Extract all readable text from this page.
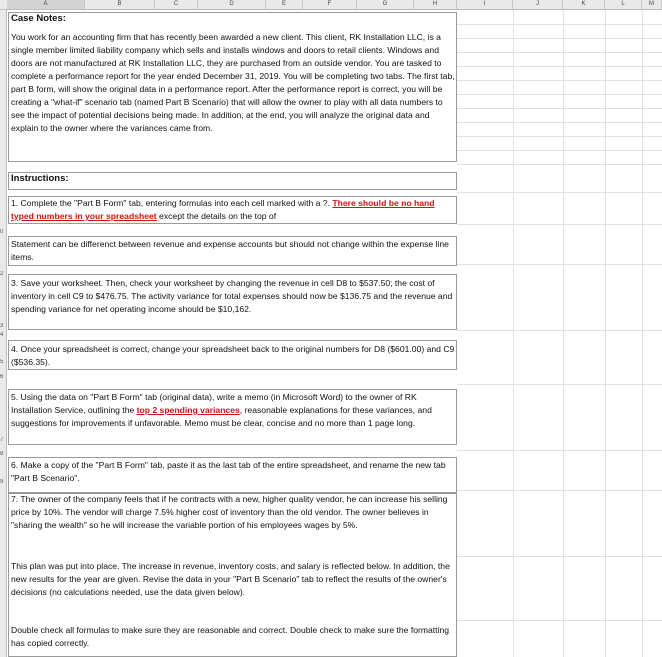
A	B	C	D	E	F	G	H	I	J	K	L	M
0
2
3
4
5
6
7
8
9
Case Notes:
You work for an accounting firm that has recently been awarded a new client. This client, RK Installation LLC, is a single member limited liability company which sells and installs windows and doors to retail clients. Windows and doors are not manufactured at RK Installation LLC, they are purchased from an outside vendor. You are tasked to complete a performance report for the year ended December 31, 2019. You will be completing two tabs. The first tab, part B form, will show the original data in a performance report. After the performance report is correct, you will be creating a "what-if" scenario tab (named Part B Scenario) that will allow the owner to play with all data numbers to see the impact of potential decisions being made. In addition, at the end, you will analyze the original data and explain to the owner where the variances came from.
Instructions:
1. Complete the "Part B Form" tab, entering formulas into each cell marked with a ?. There should be no hand typed numbers in your spreadsheet except the details on the top of
Statement can be differenct between revenue and expense accounts but should not change within the expense line items.
3. Save your worksheet. Then, check your worksheet by changing the revenue in cell D8 to $537.50; the cost of inventory in cell C9 to $476.75. The activity variance for total expenses should now be $136.75 and the revenue and spending variance for net operating income should be $10,162.
4. Once your spreadsheet is correct, change your spreadsheet back to the original numbers for D8 ($601.00) and C9 ($536.35).
5. Using the data on "Part B Form" tab (original data), write a memo (in Microsoft Word) to the owner of RK Installation Service, outlining the top 2 spending variances, reasonable explanations for these variances, and suggestions for improvements if unfavorable. Memo must be clear, concise and no more than 1 page long.
6. Make a copy of the "Part B Form" tab, paste it as the last tab of the entire spreadsheet, and rename the new tab "Part B Scenario".
7. The owner of the company feels that if he contracts with a new, higher quality vendor, he can increase his selling price by 10%. The vendor will charge 7.5% higher cost of inventory than the old vendor. The owner believes in "sharing the wealth" so he will increase the variable portion of his employees wages by 5%.
This plan was put into place. The increase in revenue, inventory costs, and salary is reflected below. In addition, the new results for the year are given. Revise the data in your "Part B Scenario" tab to reflect the results of the owner's decisions (no calculations needed, use the data given below).
Double check all formulas to make sure they are reasonable and correct. Double check to make sure the formatting has copied correctly.
